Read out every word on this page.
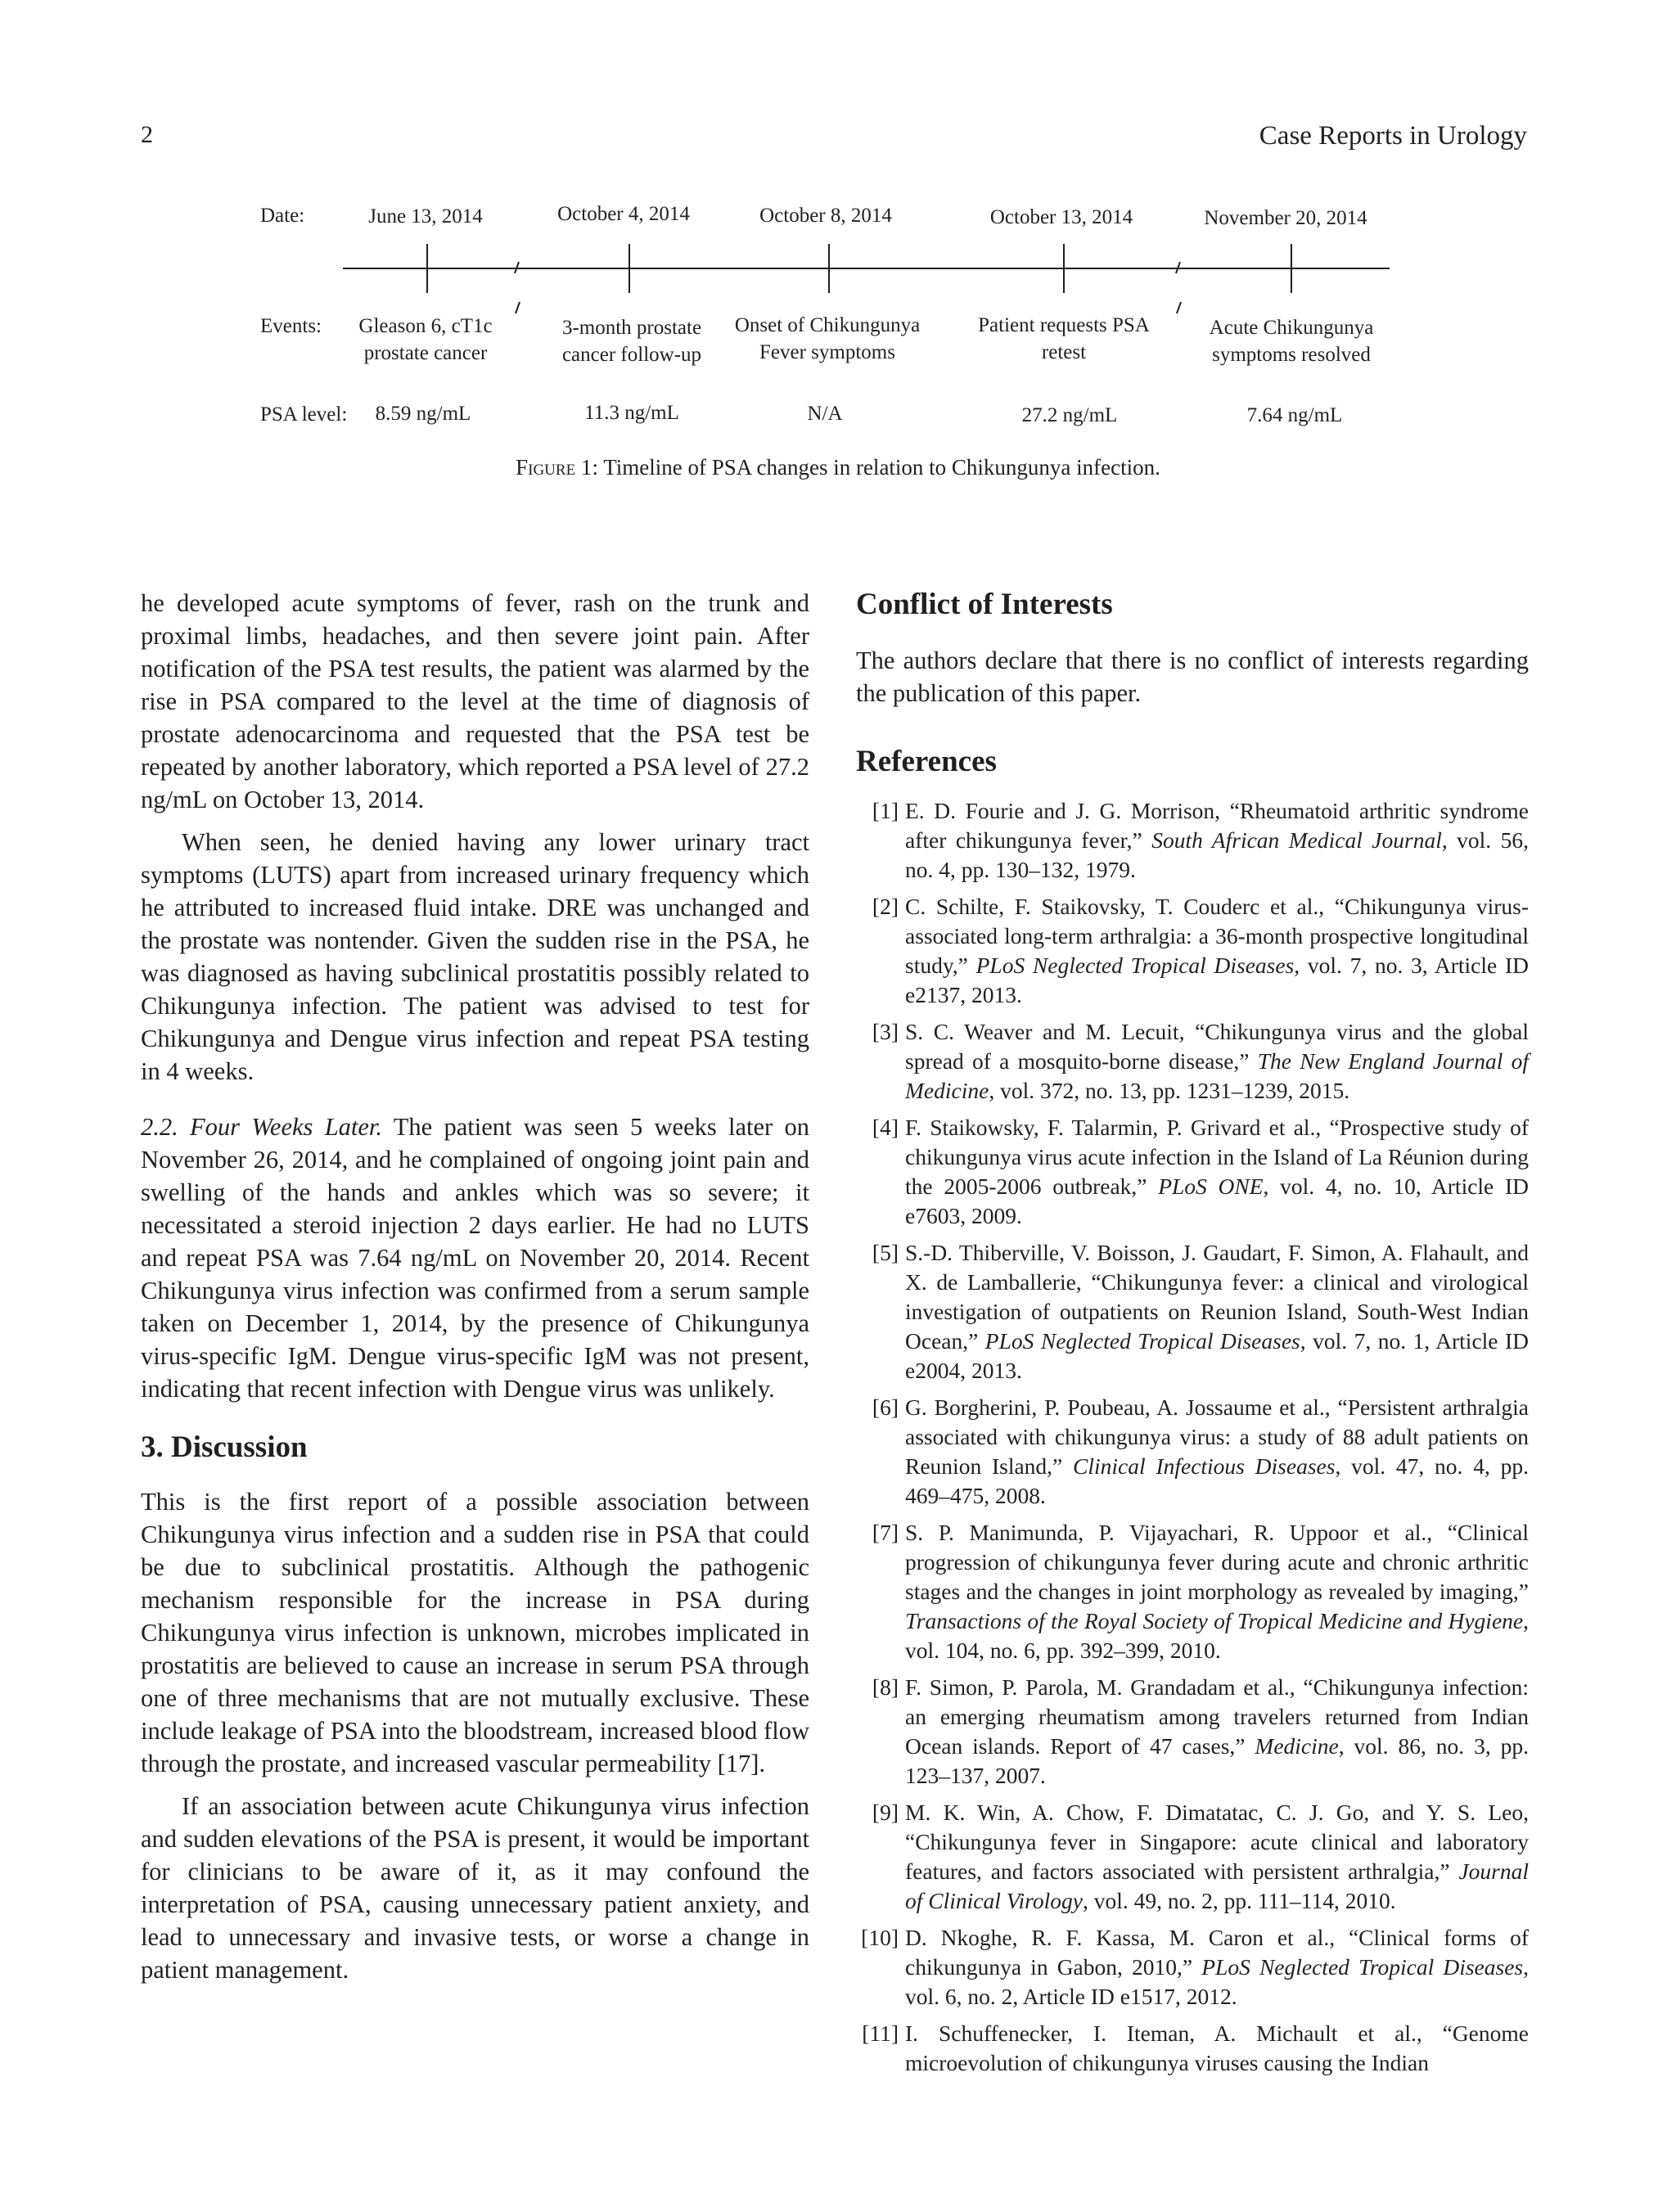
2	Case Reports in Urology
Date:
Events:
PSA level:
June 13, 2014
Gleason 6, cT1c
prostate cancer
8.59 ng/mL
October 4, 2014
3-month prostate
cancer follow-up
11.3 ng/mL
October 8, 2014
Onset of Chikungunya
Fever symptoms
N/A
October 13, 2014
Patient requests PSA
retest
27.2 ng/mL
November 20, 2014
Acute Chikungunya
symptoms resolved
7.64 ng/mL
Figure 1: Timeline of PSA changes in relation to Chikungunya infection.

he developed acute symptoms of fever, rash on the trunk and proximal limbs, headaches, and then severe joint pain. After notification of the PSA test results, the patient was alarmed by the rise in PSA compared to the level at the time of diagnosis of prostate adenocarcinoma and requested that the PSA test be repeated by another laboratory, which reported a PSA level of 27.2 ng/mL on October 13, 2014.

When seen, he denied having any lower urinary tract symptoms (LUTS) apart from increased urinary frequency which he attributed to increased fluid intake. DRE was unchanged and the prostate was nontender. Given the sudden rise in the PSA, he was diagnosed as having subclinical prostatitis possibly related to Chikungunya infection. The patient was advised to test for Chikungunya and Dengue virus infection and repeat PSA testing in 4 weeks.

2.2. Four Weeks Later. The patient was seen 5 weeks later on November 26, 2014, and he complained of ongoing joint pain and swelling of the hands and ankles which was so severe; it necessitated a steroid injection 2 days earlier. He had no LUTS and repeat PSA was 7.64 ng/mL on November 20, 2014. Recent Chikungunya virus infection was confirmed from a serum sample taken on December 1, 2014, by the presence of Chikungunya virus-specific IgM. Dengue virus-specific IgM was not present, indicating that recent infection with Dengue virus was unlikely.

3. Discussion

This is the first report of a possible association between Chikungunya virus infection and a sudden rise in PSA that could be due to subclinical prostatitis. Although the pathogenic mechanism responsible for the increase in PSA during Chikungunya virus infection is unknown, microbes implicated in prostatitis are believed to cause an increase in serum PSA through one of three mechanisms that are not mutually exclusive. These include leakage of PSA into the bloodstream, increased blood flow through the prostate, and increased vascular permeability [17].

If an association between acute Chikungunya virus infection and sudden elevations of the PSA is present, it would be important for clinicians to be aware of it, as it may confound the interpretation of PSA, causing unnecessary patient anxiety, and lead to unnecessary and invasive tests, or worse a change in patient management.

Conflict of Interests

The authors declare that there is no conflict of interests regarding the publication of this paper.

References
[1] E. D. Fourie and J. G. Morrison, “Rheumatoid arthritic syndrome after chikungunya fever,” South African Medical Journal, vol. 56, no. 4, pp. 130–132, 1979.
[2] C. Schilte, F. Staikovsky, T. Couderc et al., “Chikungunya virus-associated long-term arthralgia: a 36-month prospective longitudinal study,” PLoS Neglected Tropical Diseases, vol. 7, no. 3, Article ID e2137, 2013.
[3] S. C. Weaver and M. Lecuit, “Chikungunya virus and the global spread of a mosquito-borne disease,” The New England Journal of Medicine, vol. 372, no. 13, pp. 1231–1239, 2015.
[4] F. Staikowsky, F. Talarmin, P. Grivard et al., “Prospective study of chikungunya virus acute infection in the Island of La Réunion during the 2005-2006 outbreak,” PLoS ONE, vol. 4, no. 10, Article ID e7603, 2009.
[5] S.-D. Thiberville, V. Boisson, J. Gaudart, F. Simon, A. Flahault, and X. de Lamballerie, “Chikungunya fever: a clinical and virological investigation of outpatients on Reunion Island, South-West Indian Ocean,” PLoS Neglected Tropical Diseases, vol. 7, no. 1, Article ID e2004, 2013.
[6] G. Borgherini, P. Poubeau, A. Jossaume et al., “Persistent arthralgia associated with chikungunya virus: a study of 88 adult patients on Reunion Island,” Clinical Infectious Diseases, vol. 47, no. 4, pp. 469–475, 2008.
[7] S. P. Manimunda, P. Vijayachari, R. Uppoor et al., “Clinical progression of chikungunya fever during acute and chronic arthritic stages and the changes in joint morphology as revealed by imaging,” Transactions of the Royal Society of Tropical Medicine and Hygiene, vol. 104, no. 6, pp. 392–399, 2010.
[8] F. Simon, P. Parola, M. Grandadam et al., “Chikungunya infection: an emerging rheumatism among travelers returned from Indian Ocean islands. Report of 47 cases,” Medicine, vol. 86, no. 3, pp. 123–137, 2007.
[9] M. K. Win, A. Chow, F. Dimatatac, C. J. Go, and Y. S. Leo, “Chikungunya fever in Singapore: acute clinical and laboratory features, and factors associated with persistent arthralgia,” Journal of Clinical Virology, vol. 49, no. 2, pp. 111–114, 2010.
[10] D. Nkoghe, R. F. Kassa, M. Caron et al., “Clinical forms of chikungunya in Gabon, 2010,” PLoS Neglected Tropical Diseases, vol. 6, no. 2, Article ID e1517, 2012.
[11] I. Schuffenecker, I. Iteman, A. Michault et al., “Genome microevolution of chikungunya viruses causing the Indian
